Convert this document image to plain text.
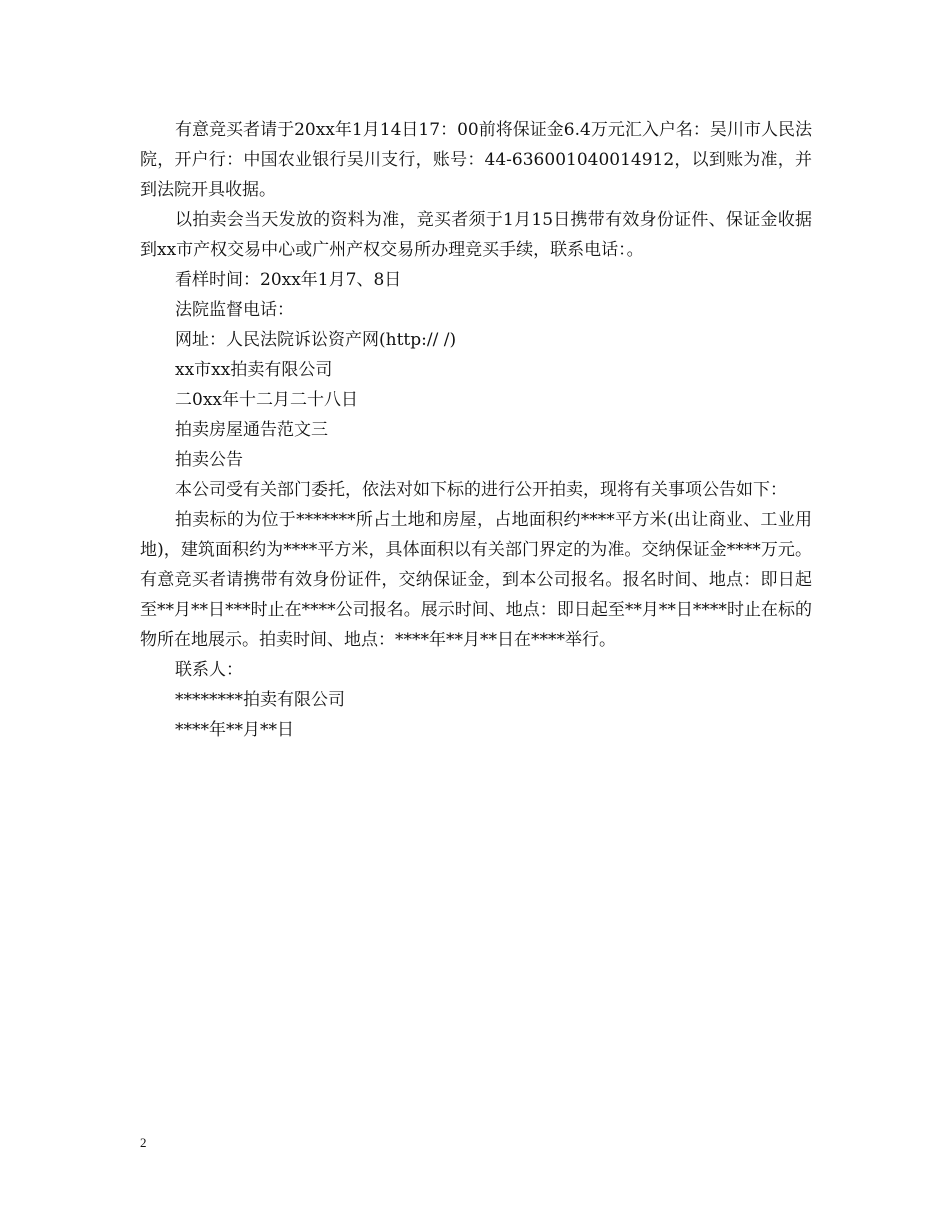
有意竞买者请于20xx年1月14日17：00前将保证金6.4万元汇入户名：吴川市人民法院，开户行：中国农业银行吴川支行，账号：44-636001040014912，以到账为准，并到法院开具收据。

以拍卖会当天发放的资料为准，竞买者须于1月15日携带有效身份证件、保证金收据到xx市产权交易中心或广州产权交易所办理竞买手续，联系电话：。

看样时间：20xx年1月7、8日

法院监督电话：

网址：人民法院诉讼资产网(http:// /)

xx市xx拍卖有限公司

二0xx年十二月二十八日

拍卖房屋通告范文三

拍卖公告

本公司受有关部门委托，依法对如下标的进行公开拍卖，现将有关事项公告如下：

拍卖标的为位于*******所占土地和房屋，占地面积约****平方米(出让商业、工业用地)，建筑面积约为****平方米，具体面积以有关部门界定的为准。交纳保证金****万元。有意竞买者请携带有效身份证件，交纳保证金，到本公司报名。报名时间、地点：即日起至**月**日***时止在****公司报名。展示时间、地点：即日起至**月**日****时止在标的物所在地展示。拍卖时间、地点：****年**月**日在****举行。

联系人：

********拍卖有限公司

****年**月**日

2
